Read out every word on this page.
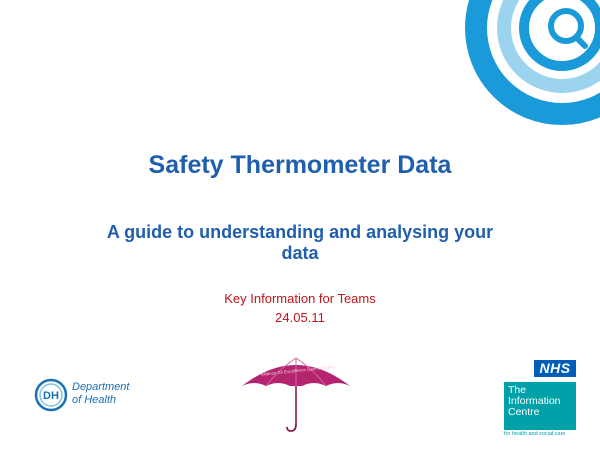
Safety Thermometer Data
A guide to understanding and analysing your data
Key Information for Teams
24.05.11
DH
Department
of Health
Alliance for Excellence Care in Action	NHS
The
Information
Centre
for health and social care
